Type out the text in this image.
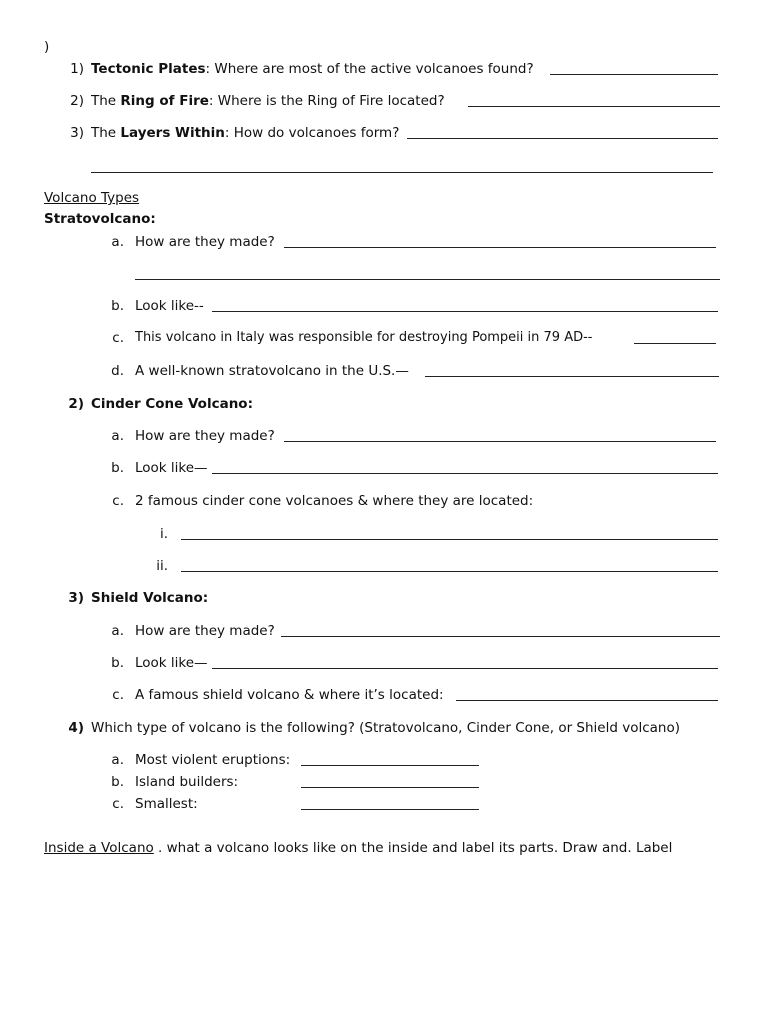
)
1) Tectonic Plates: Where are most of the active volcanoes found?
2) The Ring of Fire: Where is the Ring of Fire located?
3) The Layers Within: How do volcanoes form?
Volcano Types
Stratovolcano:
a. How are they made?
b. Look like--
c. This volcano in Italy was responsible for destroying Pompeii in 79 AD--
d. A well-known stratovolcano in the U.S.—
2) Cinder Cone Volcano:
a. How are they made?
b. Look like—
c. 2 famous cinder cone volcanoes & where they are located:
i.
ii.
3) Shield Volcano:
a. How are they made?
b. Look like—
c. A famous shield volcano & where it’s located:
4) Which type of volcano is the following? (Stratovolcano, Cinder Cone, or Shield volcano)
a. Most violent eruptions:
b. Island builders:
c. Smallest:
Inside a Volcano . what a volcano looks like on the inside and label its parts. Draw and. Label
